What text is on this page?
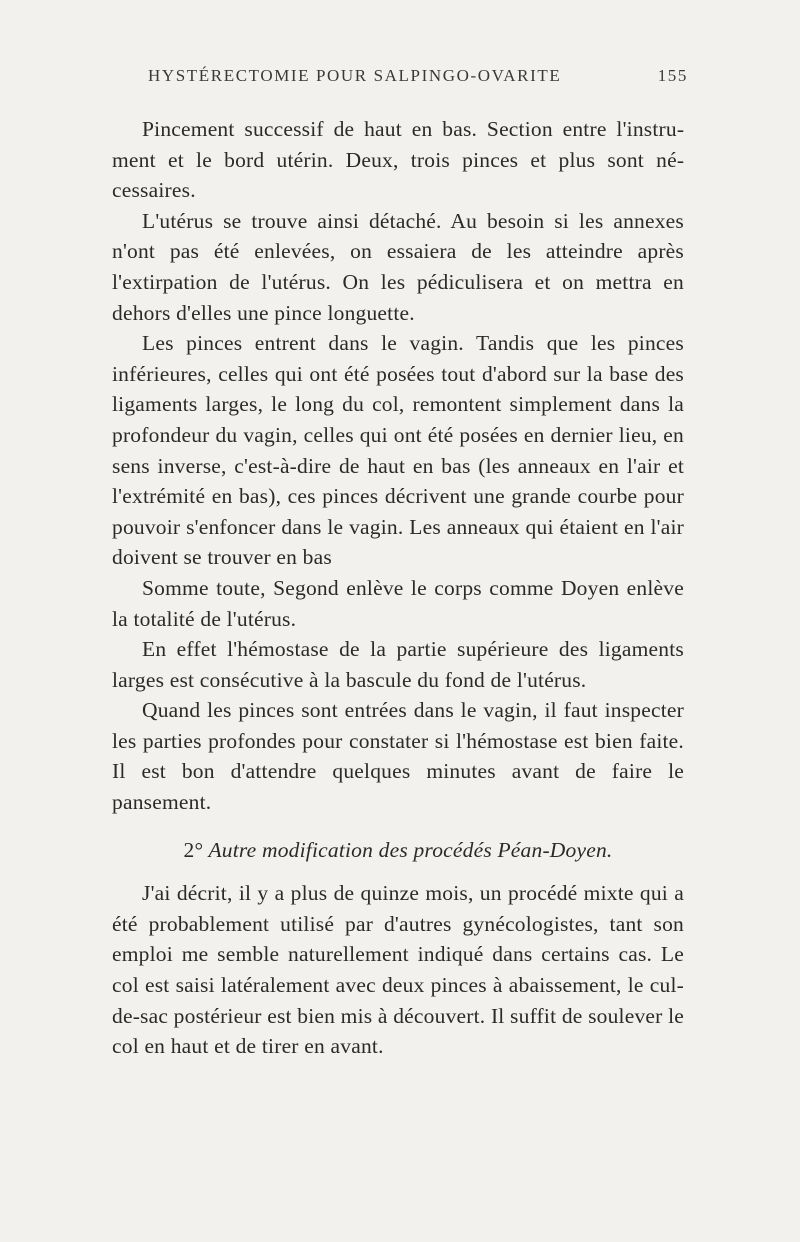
HYSTÉRECTOMIE POUR SALPINGO-OVARITE	155

Pincement successif de haut en bas. Section entre l'instrument et le bord utérin. Deux, trois pinces et plus sont nécessaires.

L'utérus se trouve ainsi détaché. Au besoin si les annexes n'ont pas été enlevées, on essaiera de les atteindre après l'extirpation de l'utérus. On les pédiculisera et on mettra en dehors d'elles une pince longuette.

Les pinces entrent dans le vagin. Tandis que les pinces inférieures, celles qui ont été posées tout d'abord sur la base des ligaments larges, le long du col, remontent simplement dans la profondeur du vagin, celles qui ont été posées en dernier lieu, en sens inverse, c'est-à-dire de haut en bas (les anneaux en l'air et l'extrémité en bas), ces pinces décrivent une grande courbe pour pouvoir s'enfoncer dans le vagin. Les anneaux qui étaient en l'air doivent se trouver en bas

Somme toute, Segond enlève le corps comme Doyen enlève la totalité de l'utérus.

En effet l'hémostase de la partie supérieure des ligaments larges est consécutive à la bascule du fond de l'utérus.

Quand les pinces sont entrées dans le vagin, il faut inspecter les parties profondes pour constater si l'hémostase est bien faite. Il est bon d'attendre quelques minutes avant de faire le pansement.

2° Autre modification des procédés Péan-Doyen.

J'ai décrit, il y a plus de quinze mois, un procédé mixte qui a été probablement utilisé par d'autres gynécologistes, tant son emploi me semble naturellement indiqué dans certains cas. Le col est saisi latéralement avec deux pinces à abaissement, le cul-de-sac postérieur est bien mis à découvert. Il suffit de soulever le col en haut et de tirer en avant.
